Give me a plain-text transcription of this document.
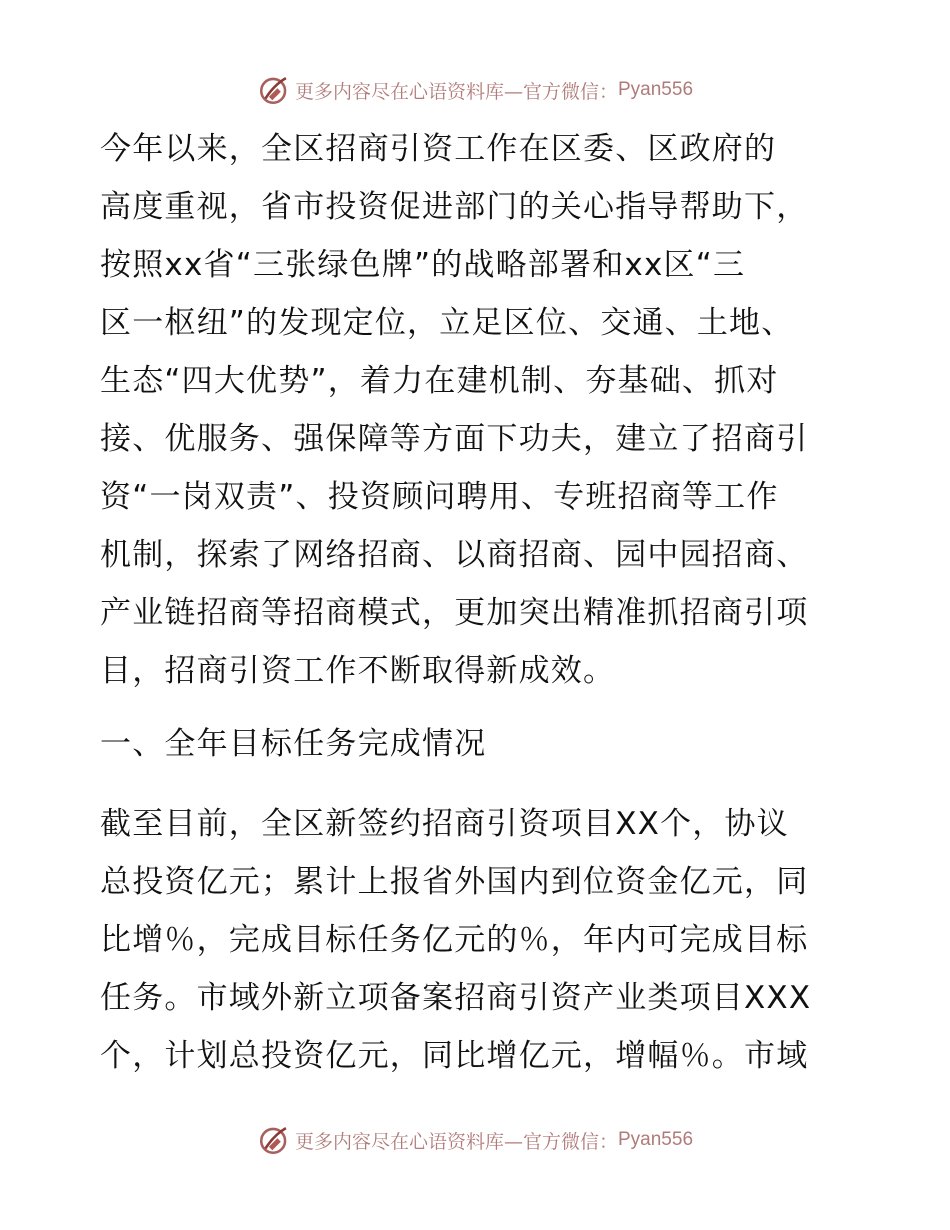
更多内容尽在心语资料库—官方微信： Pyan556
今年以来，全区招商引资工作在区委、区政府的
高度重视，省市投资促进部门的关心指导帮助下，
按照xx省“三张绿色牌”的战略部署和xx区“三
区一枢纽”的发现定位，立足区位、交通、土地、
生态“四大优势”，着力在建机制、夯基础、抓对
接、优服务、强保障等方面下功夫，建立了招商引
资“一岗双责”、投资顾问聘用、专班招商等工作
机制，探索了网络招商、以商招商、园中园招商、
产业链招商等招商模式，更加突出精准抓招商引项
目，招商引资工作不断取得新成效。
一、全年目标任务完成情况
截至目前，全区新签约招商引资项目XX个，协议
总投资亿元；累计上报省外国内到位资金亿元，同
比增％，完成目标任务亿元的％，年内可完成目标
任务。市域外新立项备案招商引资产业类项目XXX
个，计划总投资亿元，同比增亿元，增幅％。市域
更多内容尽在心语资料库—官方微信： Pyan556
